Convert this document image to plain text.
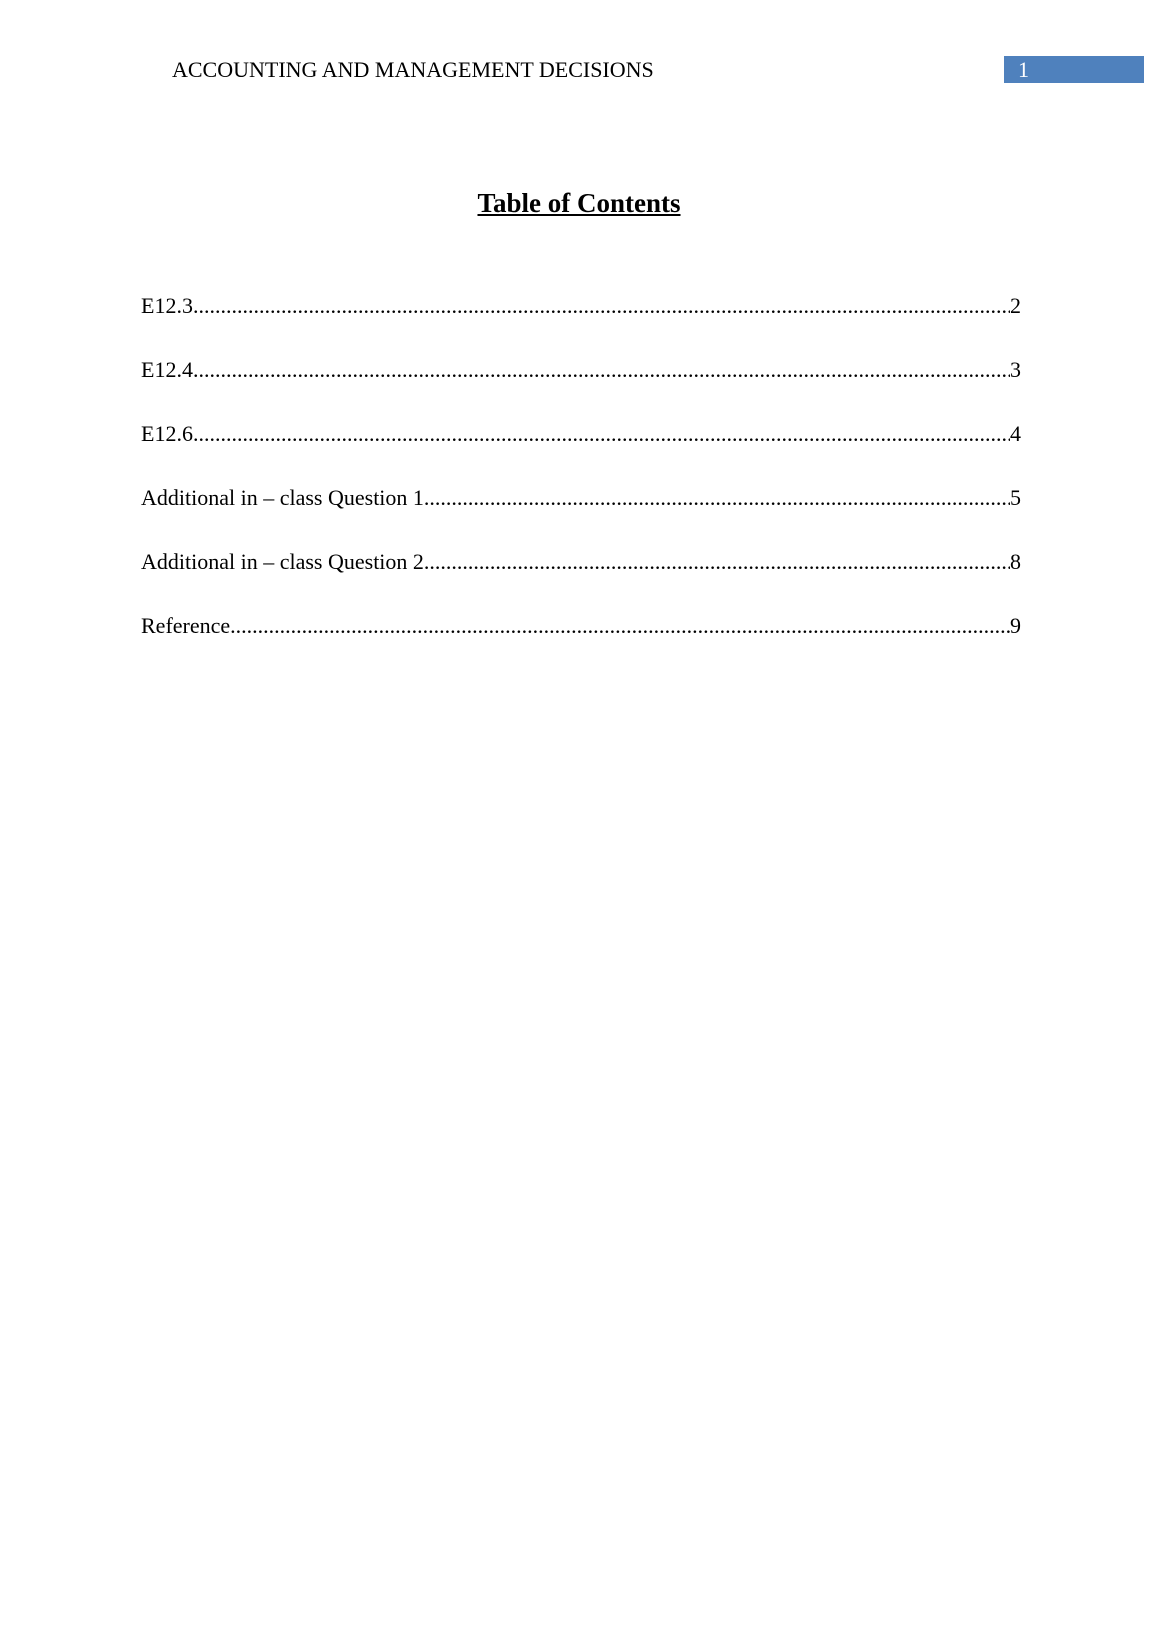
ACCOUNTING AND MANAGEMENT DECISIONS	1
Table of Contents
E12.3 .....	2
E12.4 .....	3
E12.6 .....	4
Additional in – class Question 1 .....	5
Additional in – class Question 2 .....	8
Reference .....	9
